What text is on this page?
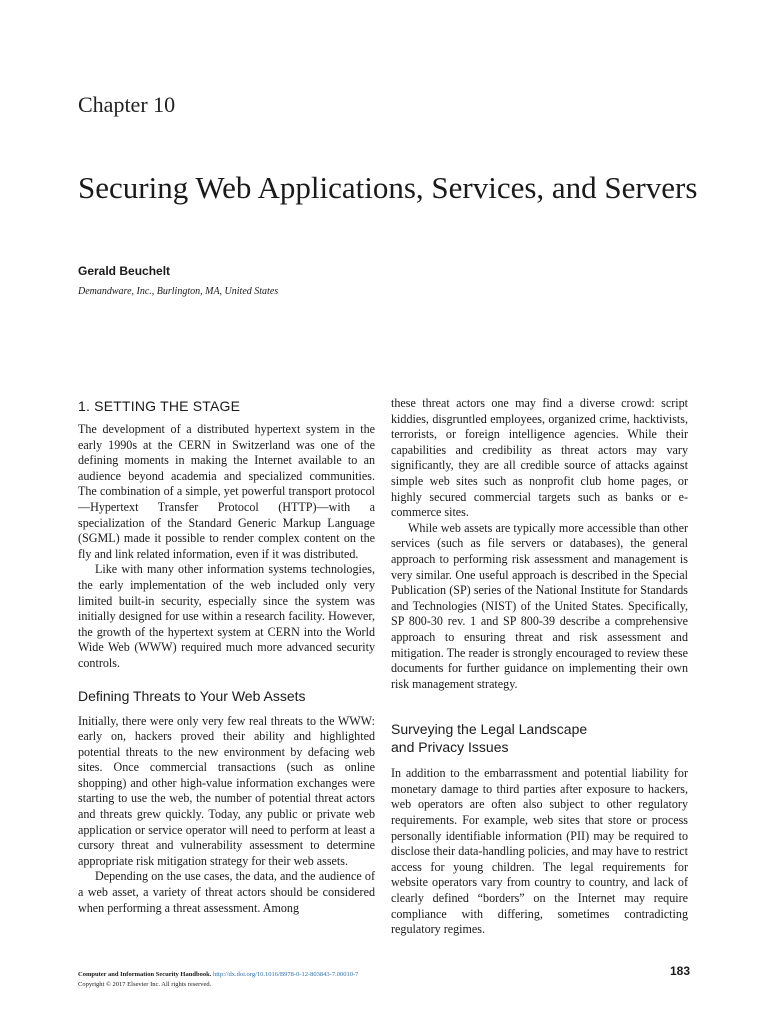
Chapter 10
Securing Web Applications, Services, and Servers
Gerald Beuchelt
Demandware, Inc., Burlington, MA, United States
1. SETTING THE STAGE

The development of a distributed hypertext system in the early 1990s at the CERN in Switzerland was one of the defining moments in making the Internet available to an audience beyond academia and specialized communities. The combination of a simple, yet powerful transport protocol—Hypertext Transfer Protocol (HTTP)—with a specialization of the Standard Generic Markup Language (SGML) made it possible to render complex content on the fly and link related information, even if it was distributed.

Like with many other information systems technologies, the early implementation of the web included only very limited built-in security, especially since the system was initially designed for use within a research facility. However, the growth of the hypertext system at CERN into the World Wide Web (WWW) required much more advanced security controls.

Defining Threats to Your Web Assets

Initially, there were only very few real threats to the WWW: early on, hackers proved their ability and highlighted potential threats to the new environment by defacing web sites. Once commercial transactions (such as online shopping) and other high-value information exchanges were starting to use the web, the number of potential threat actors and threats grew quickly. Today, any public or private web application or service operator will need to perform at least a cursory threat and vulnerability assessment to determine appropriate risk mitigation strategy for their web assets.

Depending on the use cases, the data, and the audience of a web asset, a variety of threat actors should be considered when performing a threat assessment. Among

these threat actors one may find a diverse crowd: script kiddies, disgruntled employees, organized crime, hacktivists, terrorists, or foreign intelligence agencies. While their capabilities and credibility as threat actors may vary significantly, they are all credible source of attacks against simple web sites such as nonprofit club home pages, or highly secured commercial targets such as banks or e-commerce sites.

While web assets are typically more accessible than other services (such as file servers or databases), the general approach to performing risk assessment and management is very similar. One useful approach is described in the Special Publication (SP) series of the National Institute for Standards and Technologies (NIST) of the United States. Specifically, SP 800-30 rev. 1 and SP 800-39 describe a comprehensive approach to ensuring threat and risk assessment and mitigation. The reader is strongly encouraged to review these documents for further guidance on implementing their own risk management strategy.

Surveying the Legal Landscape
and Privacy Issues

In addition to the embarrassment and potential liability for monetary damage to third parties after exposure to hackers, web operators are often also subject to other regulatory requirements. For example, web sites that store or process personally identifiable information (PII) may be required to disclose their data-handling policies, and may have to restrict access for young children. The legal requirements for website operators vary from country to country, and lack of clearly defined “borders” on the Internet may require compliance with differing, sometimes contradicting regulatory regimes.

Computer and Information Security Handbook. http://dx.doi.org/10.1016/B978-0-12-803843-7.00010-7
Copyright © 2017 Elsevier Inc. All rights reserved.
183
